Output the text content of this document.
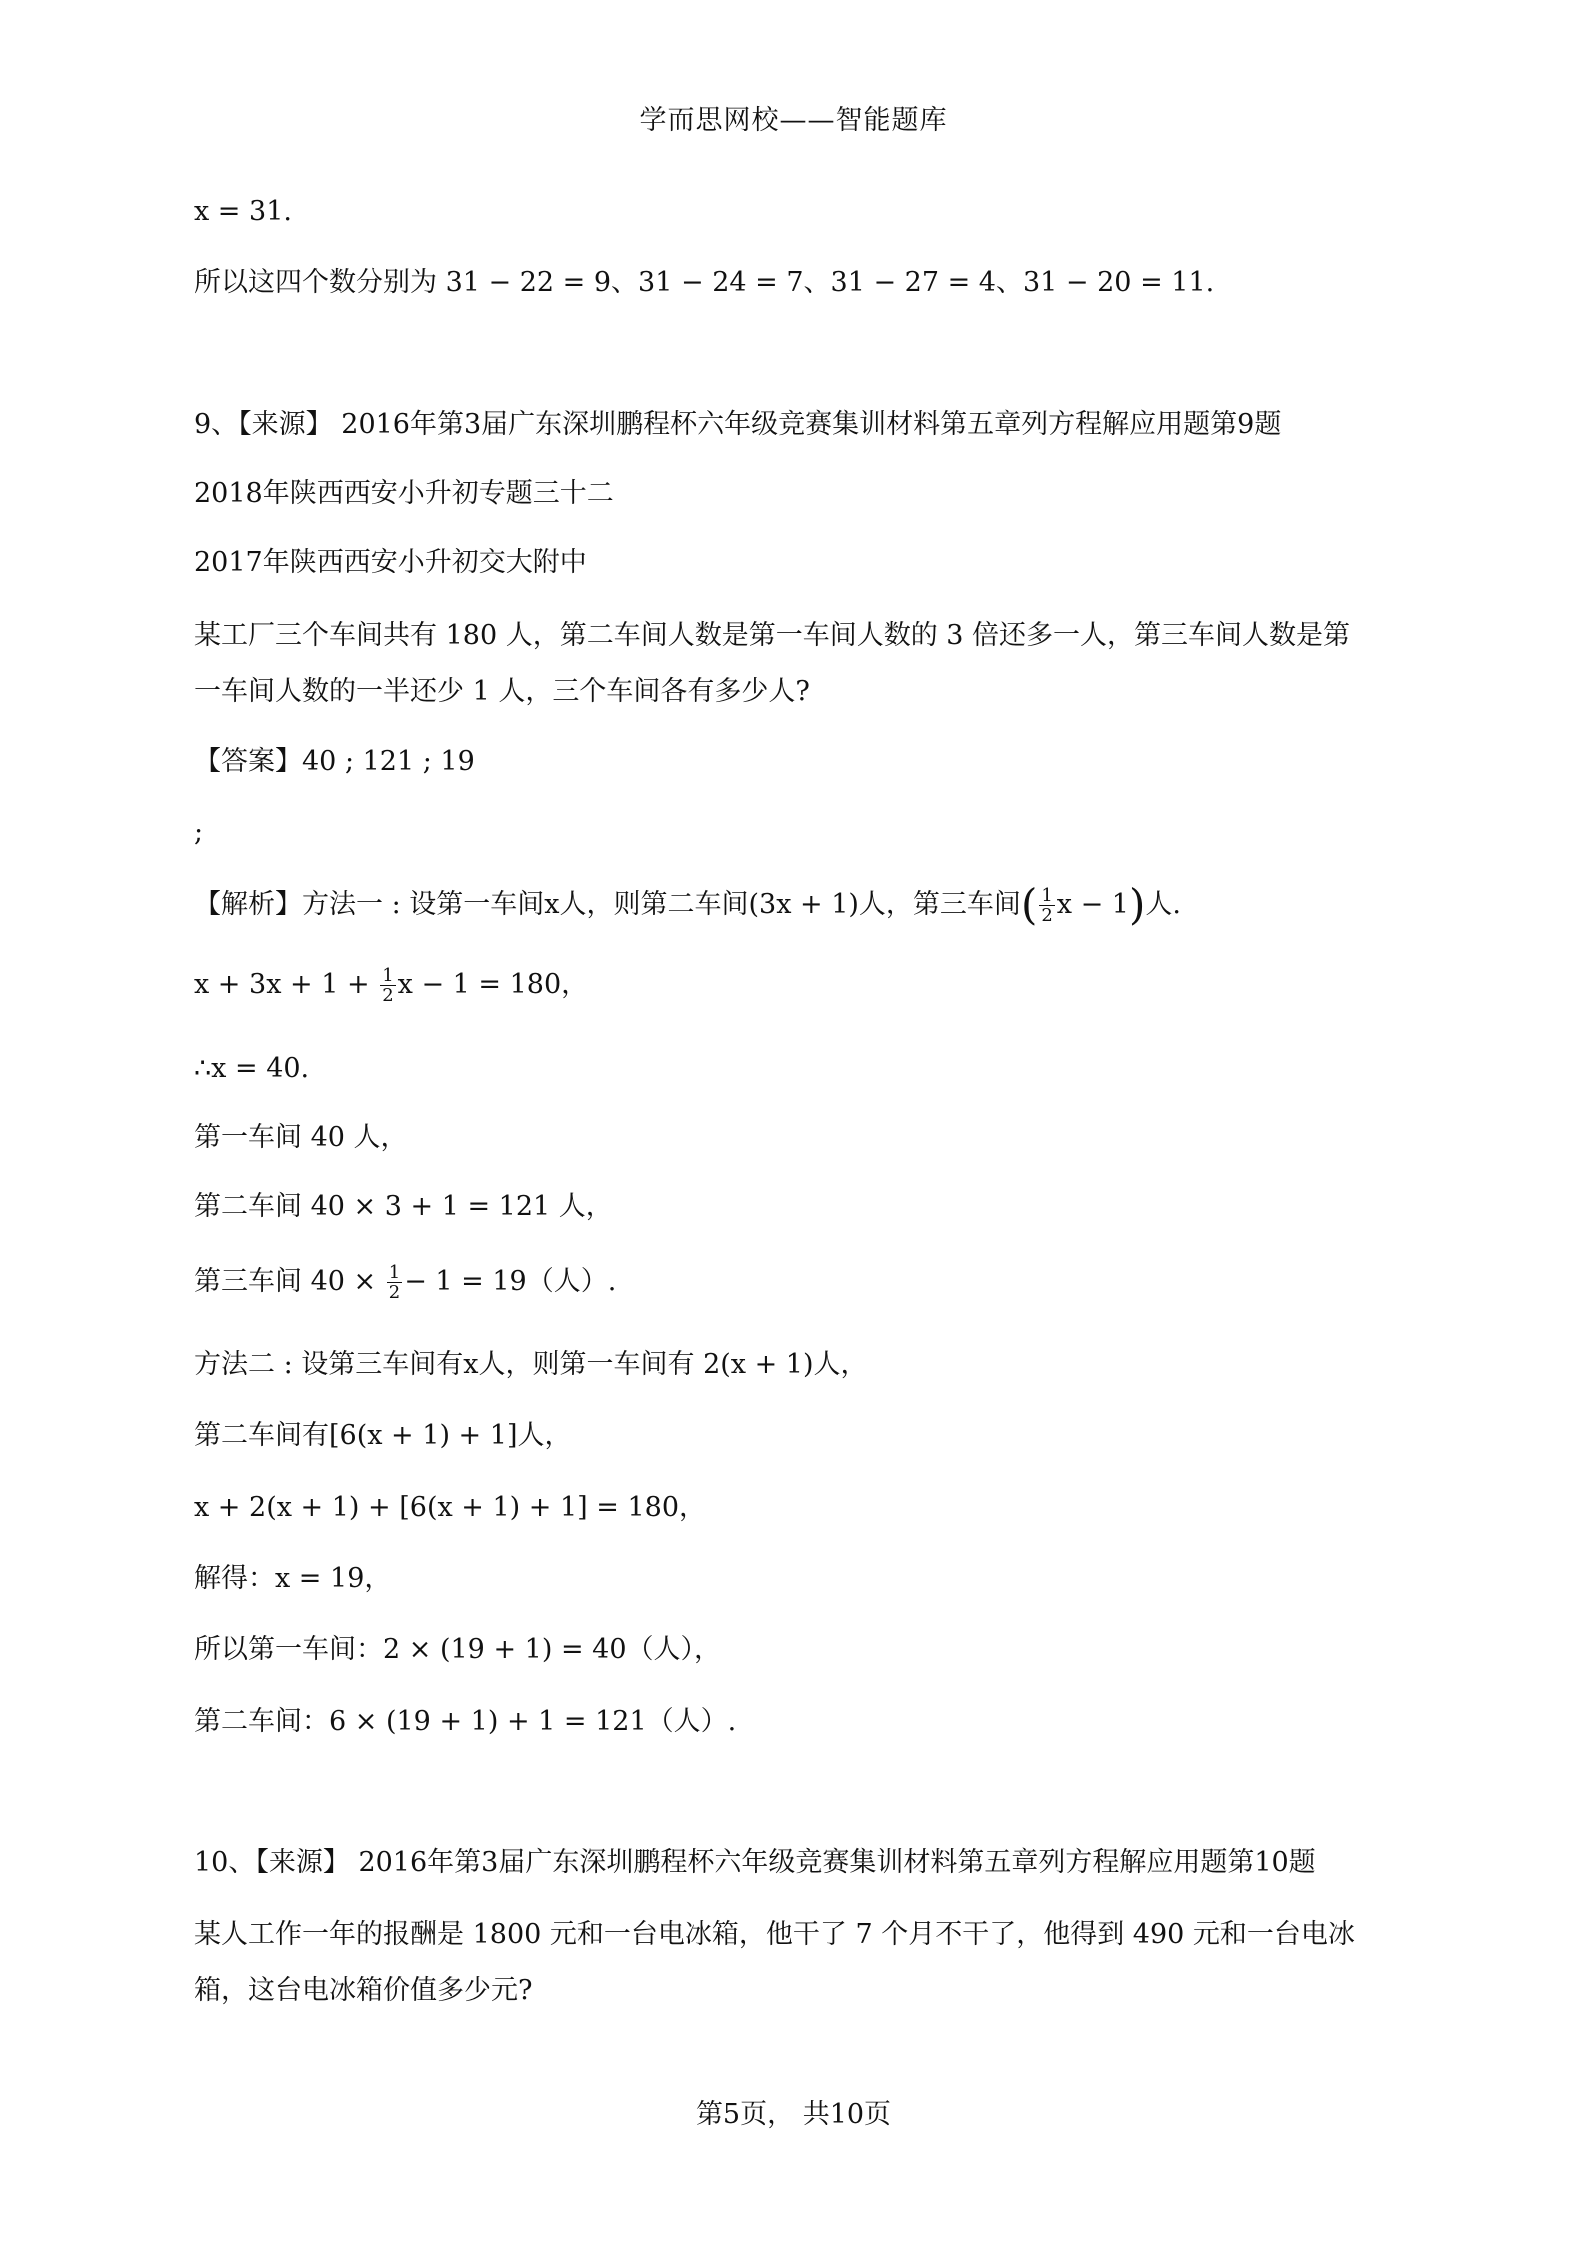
学而思网校——智能题库
x = 31.
所以这四个数分别为 31 − 22 = 9、31 − 24 = 7、31 − 27 = 4、31 − 20 = 11.
9、【来源】 2016年第3届广东深圳鹏程杯六年级竞赛集训材料第五章列方程解应用题第9题
2018年陕西西安小升初专题三十二
2017年陕西西安小升初交大附中
某工厂三个车间共有 180 人，第二车间人数是第一车间人数的 3 倍还多一人，第三车间人数是第
一车间人数的一半还少 1 人，三个车间各有多少人?
【答案】40 ; 121 ; 19
;
【解析】方法一 : 设第一车间x人，则第二车间(3x + 1)人，第三车间( $\frac{1}{2}$ x − 1)人.
$x + 3x + 1 + \frac{1}{2}$ x − 1 = 180，
∴x = 40.
第一车间 40 人，
第二车间 40 × 3 + 1 = 121 人，
第三车间 $40 \times \frac{1}{2} - 1 = 19$（人）.
方法二 : 设第三车间有x人，则第一车间有 2(x + 1)人，
第二车间有[6(x + 1) + 1]人，
x + 2(x + 1) + [6(x + 1) + 1] = 180，
解得：x = 19，
所以第一车间：2 × (19 + 1) = 40（人），
第二车间：6 × (19 + 1) + 1 = 121（人）.
10、【来源】 2016年第3届广东深圳鹏程杯六年级竞赛集训材料第五章列方程解应用题第10题
某人工作一年的报酬是 1800 元和一台电冰箱，他干了 7 个月不干了，他得到 490 元和一台电冰
箱，这台电冰箱价值多少元?
第5页， 共10页
